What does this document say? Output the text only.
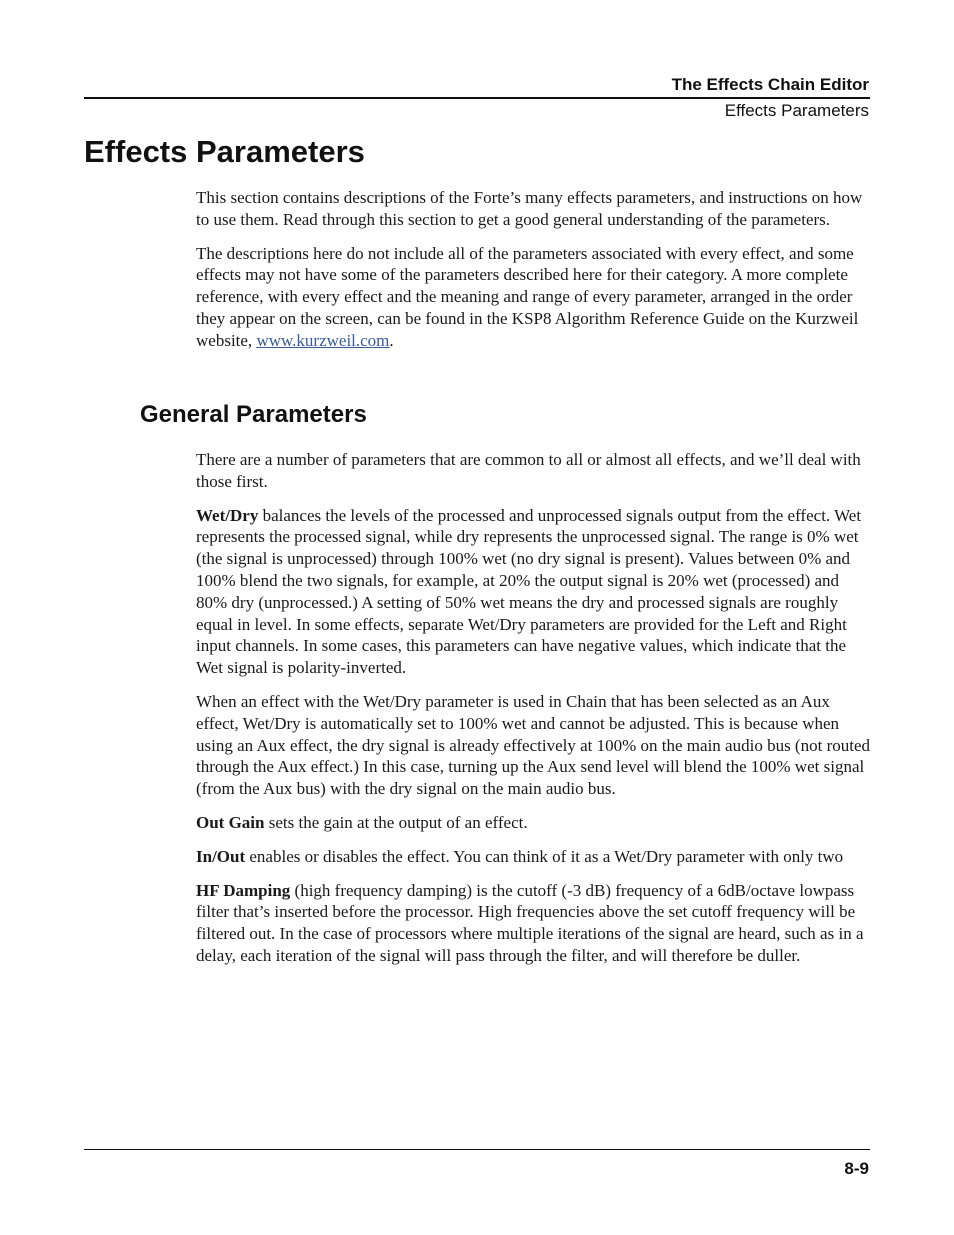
The Effects Chain Editor
Effects Parameters
Effects Parameters

This section contains descriptions of the Forte’s many effects parameters, and instructions on how to use them. Read through this section to get a good general understanding of the parameters.

The descriptions here do not include all of the parameters associated with every effect, and some effects may not have some of the parameters described here for their category. A more complete reference, with every effect and the meaning and range of every parameter, arranged in the order they appear on the screen, can be found in the KSP8 Algorithm Reference Guide on the Kurzweil website, www.kurzweil.com.

General Parameters

There are a number of parameters that are common to all or almost all effects, and we’ll deal with those first.

Wet/Dry balances the levels of the processed and unprocessed signals output from the effect. Wet represents the processed signal, while dry represents the unprocessed signal. The range is 0% wet (the signal is unprocessed) through 100% wet (no dry signal is present). Values between 0% and 100% blend the two signals, for example, at 20% the output signal is 20% wet (processed) and 80% dry (unprocessed.) A setting of 50% wet means the dry and processed signals are roughly equal in level. In some effects, separate Wet/Dry parameters are provided for the Left and Right input channels. In some cases, this parameters can have negative values, which indicate that the Wet signal is polarity-inverted.

When an effect with the Wet/Dry parameter is used in Chain that has been selected as an Aux effect, Wet/Dry is automatically set to 100% wet and cannot be adjusted. This is because when using an Aux effect, the dry signal is already effectively at 100% on the main audio bus (not routed through the Aux effect.) In this case, turning up the Aux send level will blend the 100% wet signal (from the Aux bus) with the dry signal on the main audio bus.

Out Gain sets the gain at the output of an effect.

In/Out enables or disables the effect. You can think of it as a Wet/Dry parameter with only two

HF Damping (high frequency damping) is the cutoff (-3 dB) frequency of a 6dB/octave lowpass filter that’s inserted before the processor. High frequencies above the set cutoff frequency will be filtered out. In the case of processors where multiple iterations of the signal are heard, such as in a delay, each iteration of the signal will pass through the filter, and will therefore be duller.

8-9
